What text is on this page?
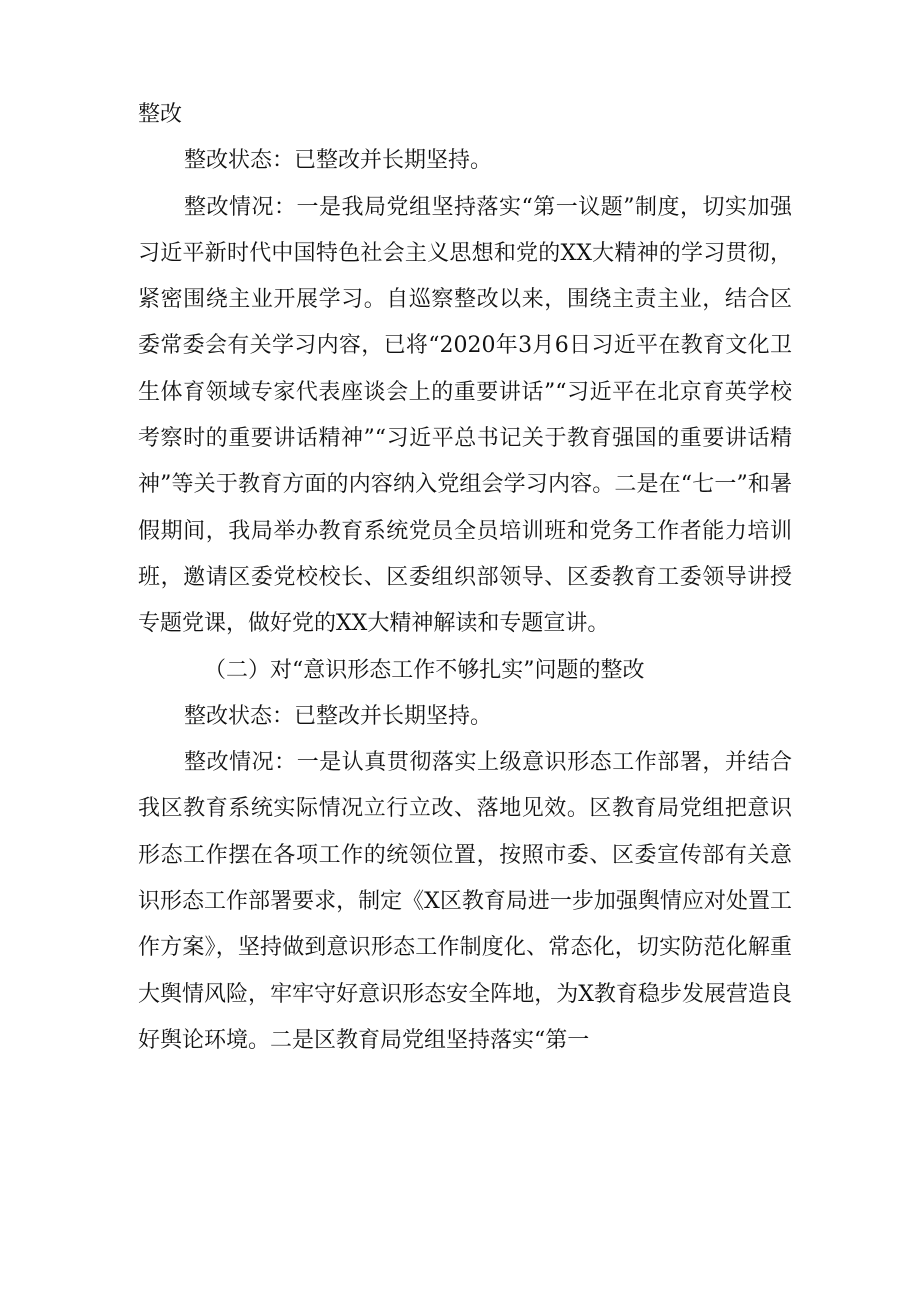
整改

整改状态：已整改并长期坚持。

整改情况：一是我局党组坚持落实“第一议题”制度，切实加强习近平新时代中国特色社会主义思想和党的XX大精神的学习贯彻，紧密围绕主业开展学习。自巡察整改以来，围绕主责主业，结合区委常委会有关学习内容，已将“2020年3月6日习近平在教育文化卫生体育领域专家代表座谈会上的重要讲话”“习近平在北京育英学校考察时的重要讲话精神”“习近平总书记关于教育强国的重要讲话精神”等关于教育方面的内容纳入党组会学习内容。二是在“七一”和暑假期间，我局举办教育系统党员全员培训班和党务工作者能力培训班，邀请区委党校校长、区委组织部领导、区委教育工委领导讲授专题党课，做好党的XX大精神解读和专题宣讲。

（二）对“意识形态工作不够扎实”问题的整改

整改状态：已整改并长期坚持。

整改情况：一是认真贯彻落实上级意识形态工作部署，并结合我区教育系统实际情况立行立改、落地见效。区教育局党组把意识形态工作摆在各项工作的统领位置，按照市委、区委宣传部有关意识形态工作部署要求，制定《X区教育局进一步加强舆情应对处置工作方案》，坚持做到意识形态工作制度化、常态化，切实防范化解重大舆情风险，牢牢守好意识形态安全阵地，为X教育稳步发展营造良好舆论环境。二是区教育局党组坚持落实“第一
